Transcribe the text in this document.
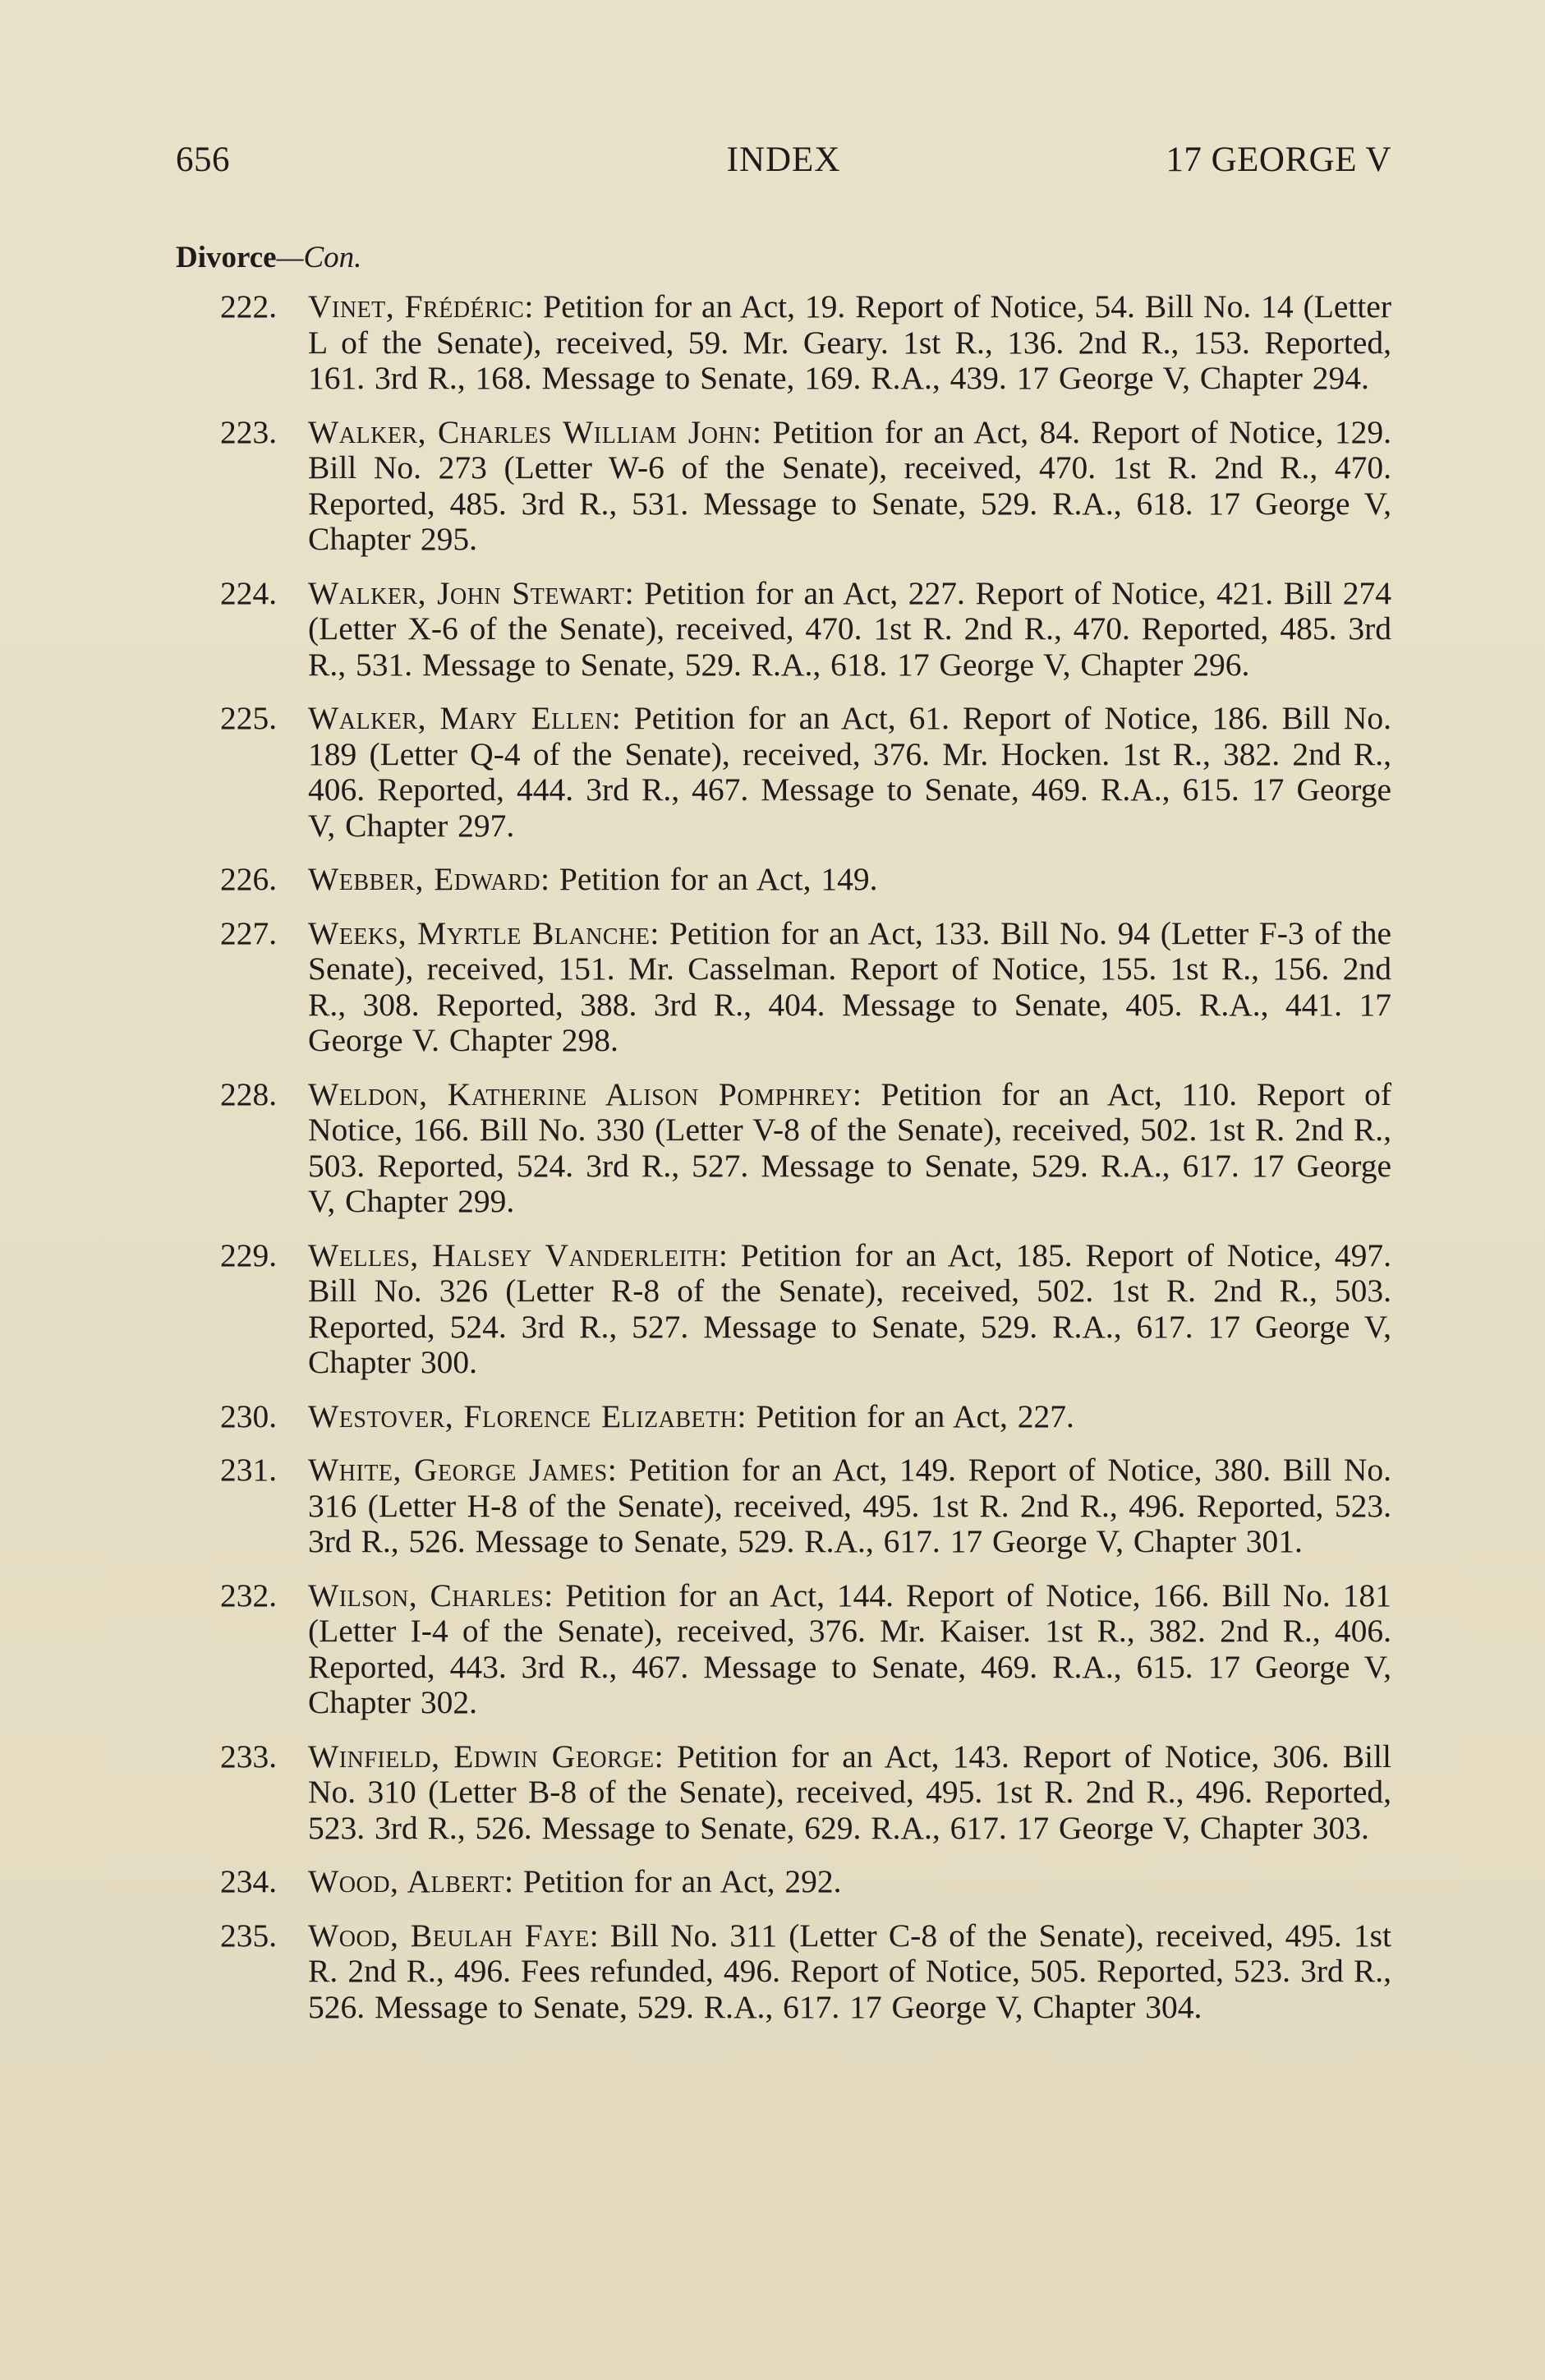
656	INDEX	17 GEORGE V
Divorce—Con.
222. Vinet, Frédéric: Petition for an Act, 19. Report of Notice, 54. Bill No. 14 (Letter L of the Senate), received, 59. Mr. Geary. 1st R., 136. 2nd R., 153. Reported, 161. 3rd R., 168. Message to Senate, 169. R.A., 439. 17 George V, Chapter 294.
223. Walker, Charles William John: Petition for an Act, 84. Report of Notice, 129. Bill No. 273 (Letter W-6 of the Senate), received, 470. 1st R. 2nd R., 470. Reported, 485. 3rd R., 531. Message to Senate, 529. R.A., 618. 17 George V, Chapter 295.
224. Walker, John Stewart: Petition for an Act, 227. Report of Notice, 421. Bill 274 (Letter X-6 of the Senate), received, 470. 1st R. 2nd R., 470. Reported, 485. 3rd R., 531. Message to Senate, 529. R.A., 618. 17 George V, Chapter 296.
225. Walker, Mary Ellen: Petition for an Act, 61. Report of Notice, 186. Bill No. 189 (Letter Q-4 of the Senate), received, 376. Mr. Hocken. 1st R., 382. 2nd R., 406. Reported, 444. 3rd R., 467. Message to Senate, 469. R.A., 615. 17 George V, Chapter 297.
226. Webber, Edward: Petition for an Act, 149.
227. Weeks, Myrtle Blanche: Petition for an Act, 133. Bill No. 94 (Letter F-3 of the Senate), received, 151. Mr. Casselman. Report of Notice, 155. 1st R., 156. 2nd R., 308. Reported, 388. 3rd R., 404. Message to Senate, 405. R.A., 441. 17 George V. Chapter 298.
228. Weldon, Katherine Alison Pomphrey: Petition for an Act, 110. Report of Notice, 166. Bill No. 330 (Letter V-8 of the Senate), received, 502. 1st R. 2nd R., 503. Reported, 524. 3rd R., 527. Message to Senate, 529. R.A., 617. 17 George V, Chapter 299.
229. Welles, Halsey Vanderleith: Petition for an Act, 185. Report of Notice, 497. Bill No. 326 (Letter R-8 of the Senate), received, 502. 1st R. 2nd R., 503. Reported, 524. 3rd R., 527. Message to Senate, 529. R.A., 617. 17 George V, Chapter 300.
230. Westover, Florence Elizabeth: Petition for an Act, 227.
231. White, George James: Petition for an Act, 149. Report of Notice, 380. Bill No. 316 (Letter H-8 of the Senate), received, 495. 1st R. 2nd R., 496. Reported, 523. 3rd R., 526. Message to Senate, 529. R.A., 617. 17 George V, Chapter 301.
232. Wilson, Charles: Petition for an Act, 144. Report of Notice, 166. Bill No. 181 (Letter I-4 of the Senate), received, 376. Mr. Kaiser. 1st R., 382. 2nd R., 406. Reported, 443. 3rd R., 467. Message to Senate, 469. R.A., 615. 17 George V, Chapter 302.
233. Winfield, Edwin George: Petition for an Act, 143. Report of Notice, 306. Bill No. 310 (Letter B-8 of the Senate), received, 495. 1st R. 2nd R., 496. Reported, 523. 3rd R., 526. Message to Senate, 629. R.A., 617. 17 George V, Chapter 303.
234. Wood, Albert: Petition for an Act, 292.
235. Wood, Beulah Faye: Bill No. 311 (Letter C-8 of the Senate), received, 495. 1st R. 2nd R., 496. Fees refunded, 496. Report of Notice, 505. Reported, 523. 3rd R., 526. Message to Senate, 529. R.A., 617. 17 George V, Chapter 304.
